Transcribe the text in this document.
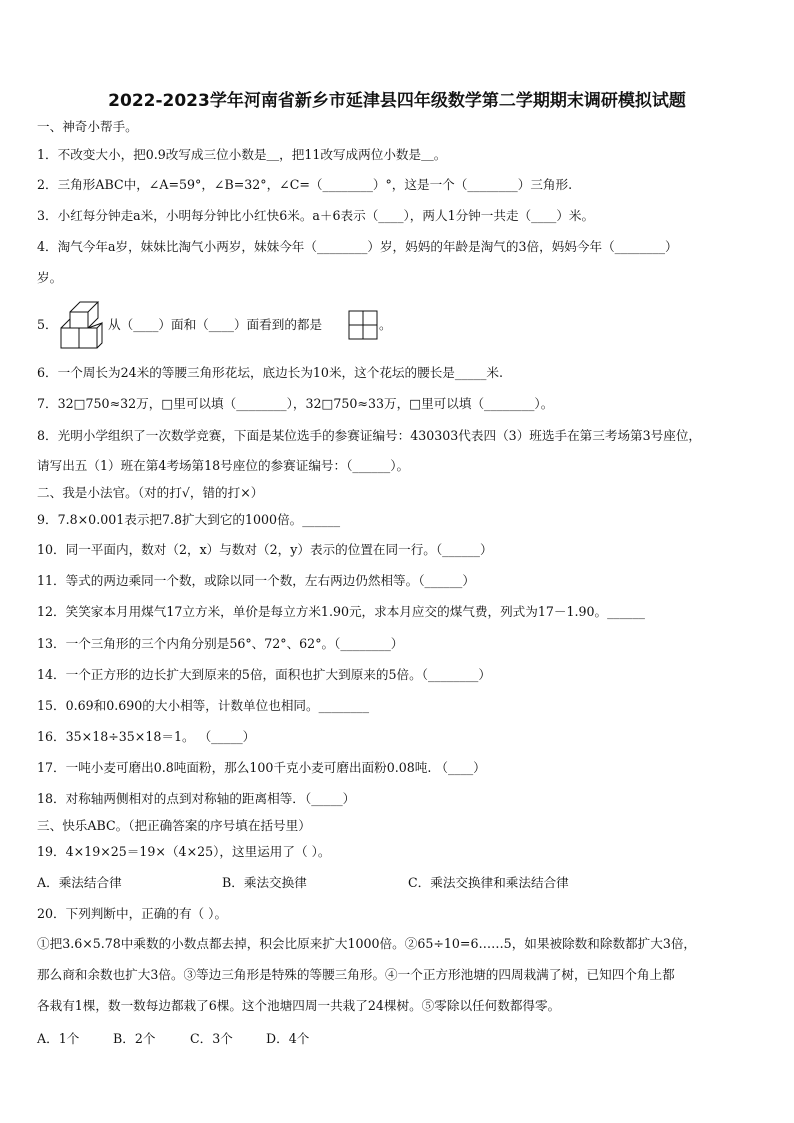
2022-2023学年河南省新乡市延津县四年级数学第二学期期末调研模拟试题
一、神奇小帮手。
1．不改变大小，把0.9改写成三位小数是＿，把11改写成两位小数是＿。
2．三角形ABC中，∠A=59°，∠B=32°，∠C=（________）°，这是一个（________）三角形.
3．小红每分钟走a米，小明每分钟比小红快6米。a＋6表示（____），两人1分钟一共走（____）米。
4．淘气今年a岁，妹妹比淘气小两岁，妹妹今年（________）岁，妈妈的年龄是淘气的3倍，妈妈今年（________）
岁。
5．	从（____）面和（____）面看到的都是	。
6．一个周长为24米的等腰三角形花坛，底边长为10米，这个花坛的腰长是_____米.
7．32□750≈32万，□里可以填（________），32□750≈33万，□里可以填（________）。
8．光明小学组织了一次数学竞赛，下面是某位选手的参赛证编号：430303代表四（3）班选手在第三考场第3号座位，
请写出五（1）班在第4考场第18号座位的参赛证编号：（______）。
二、我是小法官。（对的打√，错的打×）
9．7.8×0.001表示把7.8扩大到它的1000倍。______
10．同一平面内，数对（2，x）与数对（2，y）表示的位置在同一行。（______）
11．等式的两边乘同一个数，或除以同一个数，左右两边仍然相等。（______）
12．笑笑家本月用煤气17立方米，单价是每立方米1.90元，求本月应交的煤气费，列式为17－1.90。______
13．一个三角形的三个内角分别是56°、72°、62°。（________）
14．一个正方形的边长扩大到原来的5倍，面积也扩大到原来的5倍。（________）
15．0.69和0.690的大小相等，计数单位也相同。________
16．35×18÷35×18＝1。 （_____）
17．一吨小麦可磨出0.8吨面粉，那么100千克小麦可磨出面粉0.08吨. （____）
18．对称轴两侧相对的点到对称轴的距离相等．（_____）
三、快乐ABC。（把正确答案的序号填在括号里）
19．4×19×25＝19×（4×25），这里运用了（ ）。
A．乘法结合律	B．乘法交换律	C．乘法交换律和乘法结合律
20．下列判断中，正确的有（ ）。
①把3.6×5.78中乘数的小数点都去掉，积会比原来扩大1000倍。②65÷10=6……5，如果被除数和除数都扩大3倍，
那么商和余数也扩大3倍。③等边三角形是特殊的等腰三角形。④一个正方形池塘的四周栽满了树，已知四个角上都
各栽有1棵，数一数每边都栽了6棵。这个池塘四周一共栽了24棵树。⑤零除以任何数都得零。
A．1个	B．2个	C．3个	D．4个
